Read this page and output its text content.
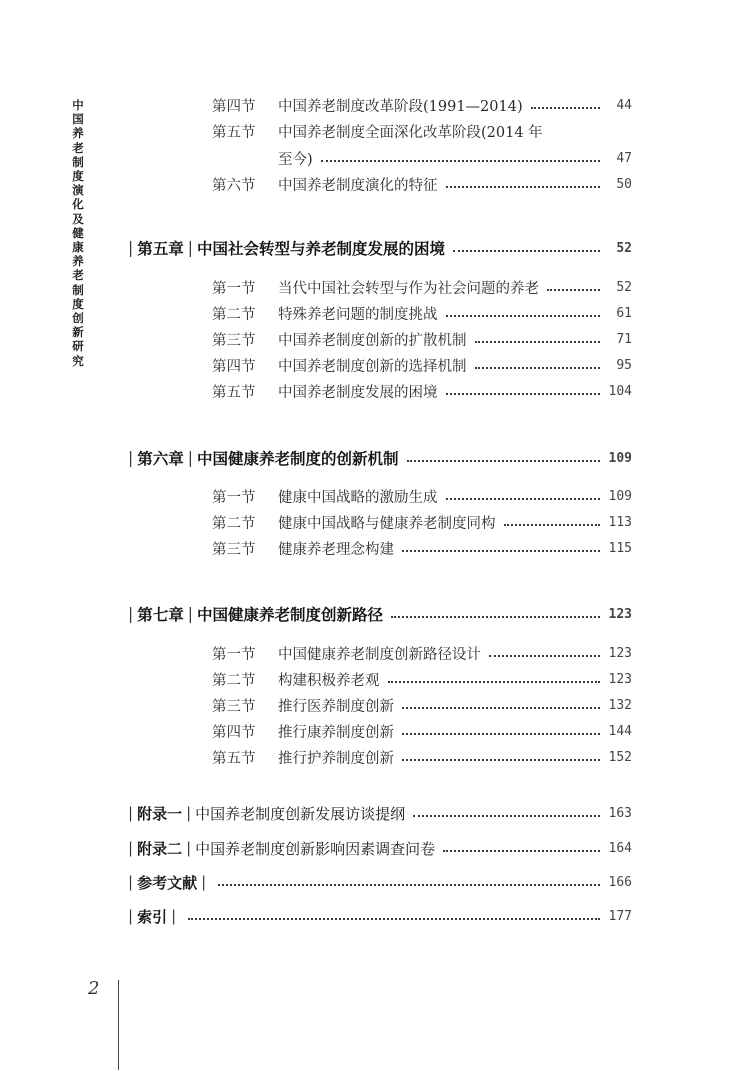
中国养老制度演化及健康养老制度创新研究
第四节	中国养老制度改革阶段(1991—2014)	44
第五节	中国养老制度全面深化改革阶段(2014 年
至今)	47
第六节	中国养老制度演化的特征	50
| 第五章 | 中国社会转型与养老制度发展的困境	52
第一节	当代中国社会转型与作为社会问题的养老	52
第二节	特殊养老问题的制度挑战	61
第三节	中国养老制度创新的扩散机制	71
第四节	中国养老制度创新的选择机制	95
第五节	中国养老制度发展的困境	104
| 第六章 | 中国健康养老制度的创新机制	109
第一节	健康中国战略的激励生成	109
第二节	健康中国战略与健康养老制度同构	113
第三节	健康养老理念构建	115
| 第七章 | 中国健康养老制度创新路径	123
第一节	中国健康养老制度创新路径设计	123
第二节	构建积极养老观	123
第三节	推行医养制度创新	132
第四节	推行康养制度创新	144
第五节	推行护养制度创新	152
| 附录一 | 中国养老制度创新发展访谈提纲	163
| 附录二 | 中国养老制度创新影响因素调查问卷	164
| 参考文献 |	166
| 索引 |	177
2
